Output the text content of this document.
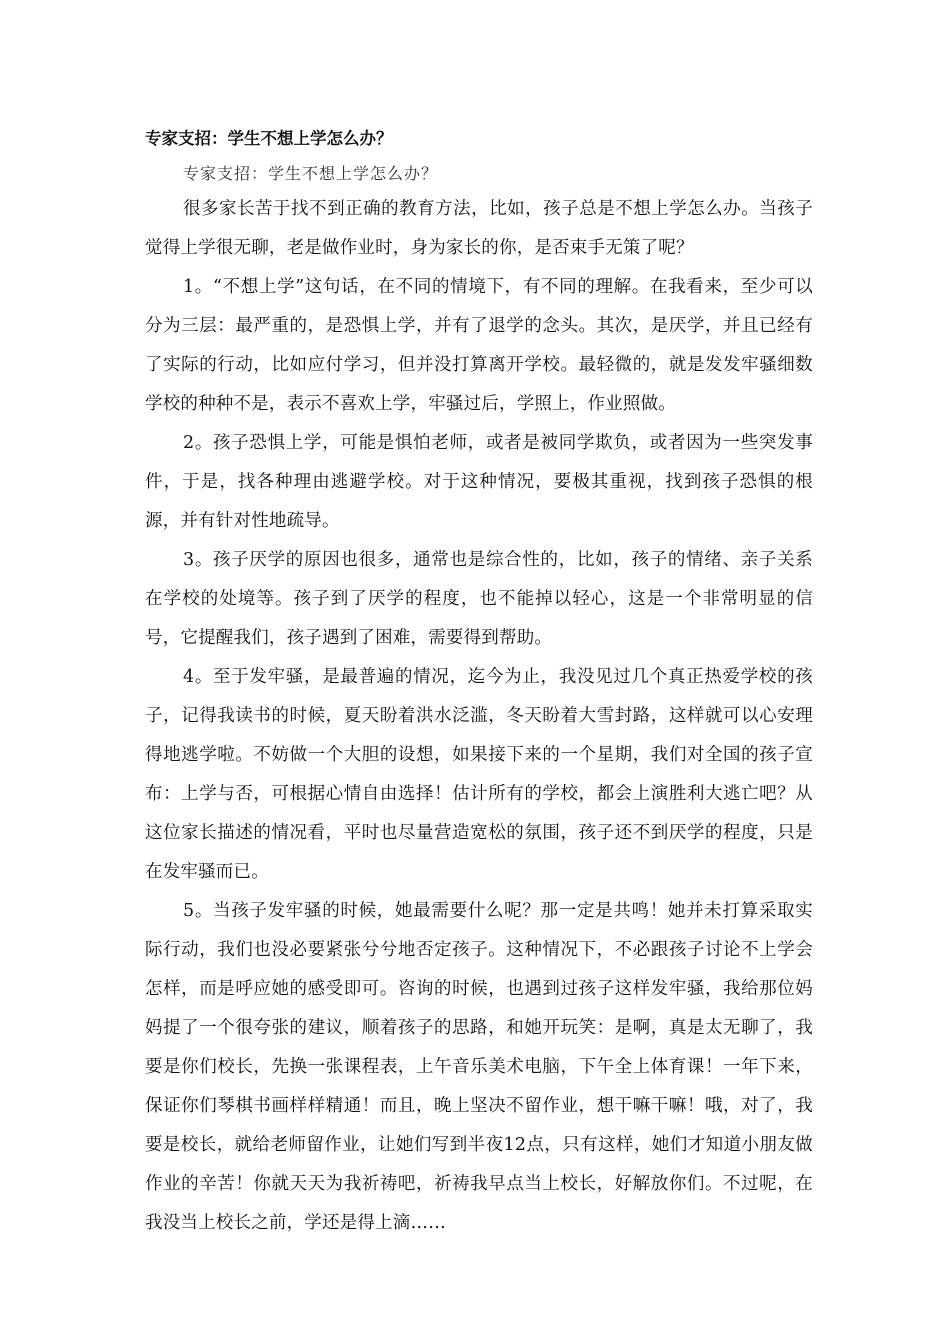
专家支招：学生不想上学怎么办？

专家支招：学生不想上学怎么办？

很多家长苦于找不到正确的教育方法，比如，孩子总是不想上学怎么办。当孩子觉得上学很无聊，老是做作业时，身为家长的你，是否束手无策了呢？

1。“不想上学”这句话，在不同的情境下，有不同的理解。在我看来，至少可以分为三层：最严重的，是恐惧上学，并有了退学的念头。其次，是厌学，并且已经有了实际的行动，比如应付学习，但并没打算离开学校。最轻微的，就是发发牢骚细数学校的种种不是，表示不喜欢上学，牢骚过后，学照上，作业照做。

2。孩子恐惧上学，可能是惧怕老师，或者是被同学欺负，或者因为一些突发事件，于是，找各种理由逃避学校。对于这种情况，要极其重视，找到孩子恐惧的根源，并有针对性地疏导。

3。孩子厌学的原因也很多，通常也是综合性的，比如，孩子的情绪、亲子关系在学校的处境等。孩子到了厌学的程度，也不能掉以轻心，这是一个非常明显的信号，它提醒我们，孩子遇到了困难，需要得到帮助。

4。至于发牢骚，是最普遍的情况，迄今为止，我没见过几个真正热爱学校的孩子，记得我读书的时候，夏天盼着洪水泛滥，冬天盼着大雪封路，这样就可以心安理得地逃学啦。不妨做一个大胆的设想，如果接下来的一个星期，我们对全国的孩子宣布：上学与否，可根据心情自由选择！估计所有的学校，都会上演胜利大逃亡吧？从这位家长描述的情况看，平时也尽量营造宽松的氛围，孩子还不到厌学的程度，只是在发牢骚而已。

5。当孩子发牢骚的时候，她最需要什么呢？那一定是共鸣！她并未打算采取实际行动，我们也没必要紧张兮兮地否定孩子。这种情况下，不必跟孩子讨论不上学会怎样，而是呼应她的感受即可。咨询的时候，也遇到过孩子这样发牢骚，我给那位妈妈提了一个很夸张的建议，顺着孩子的思路，和她开玩笑：是啊，真是太无聊了，我要是你们校长，先换一张课程表，上午音乐美术电脑，下午全上体育课！一年下来，保证你们琴棋书画样样精通！而且，晚上坚决不留作业，想干嘛干嘛！哦，对了，我要是校长，就给老师留作业，让她们写到半夜12点，只有这样，她们才知道小朋友做作业的辛苦！你就天天为我祈祷吧，祈祷我早点当上校长，好解放你们。不过呢，在我没当上校长之前，学还是得上滴……
